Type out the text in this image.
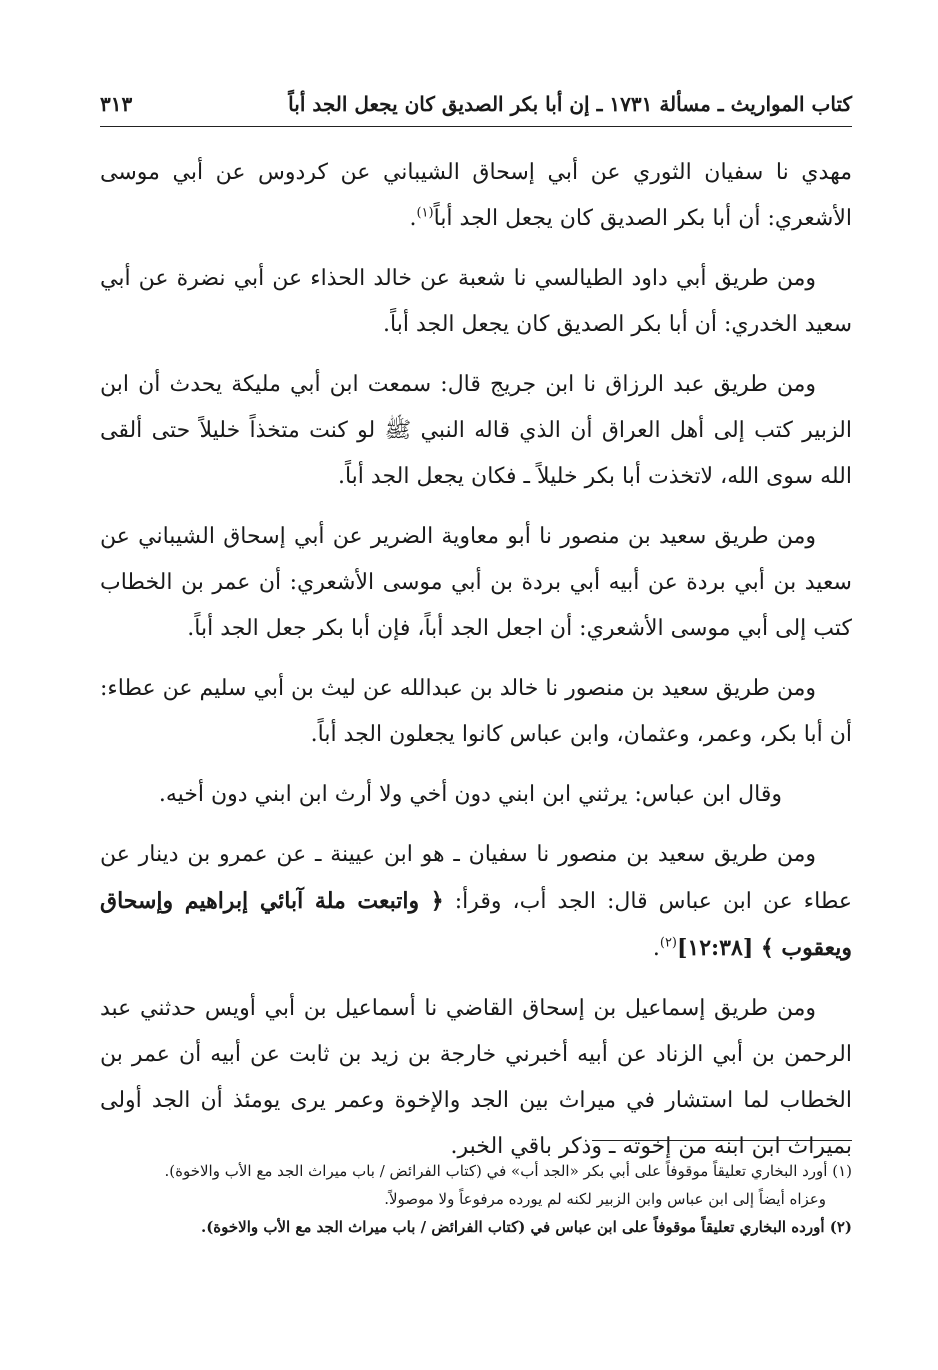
كتاب المواريث ـ مسألة ١٧٣١ ـ إن أبا بكر الصديق كان يجعل الجد أباً
٣١٣

مهدي نا سفيان الثوري عن أبي إسحاق الشيباني عن كردوس عن أبي موسى الأشعري: أن أبا بكر الصديق كان يجعل الجد أباً$^{(١)}$.

ومن طريق أبي داود الطيالسي نا شعبة عن خالد الحذاء عن أبي نضرة عن أبي سعيد الخدري: أن أبا بكر الصديق كان يجعل الجد أباً.

ومن طريق عبد الرزاق نا ابن جريج قال: سمعت ابن أبي مليكة يحدث أن ابن الزبير كتب إلى أهل العراق أن الذي قاله النبي ﷺ لو كنت متخذاً خليلاً حتى ألقى الله سوى الله، لاتخذت أبا بكر خليلاً ـ فكان يجعل الجد أباً.

ومن طريق سعيد بن منصور نا أبو معاوية الضرير عن أبي إسحاق الشيباني عن سعيد بن أبي بردة عن أبيه أبي بردة بن أبي موسى الأشعري: أن عمر بن الخطاب كتب إلى أبي موسى الأشعري: أن اجعل الجد أباً، فإن أبا بكر جعل الجد أباً.

ومن طريق سعيد بن منصور نا خالد بن عبدالله عن ليث بن أبي سليم عن عطاء: أن أبا بكر، وعمر، وعثمان، وابن عباس كانوا يجعلون الجد أباً.

وقال ابن عباس: يرثني ابن ابني دون أخي ولا أرث ابن ابني دون أخيه.

ومن طريق سعيد بن منصور نا سفيان ـ هو ابن عيينة ـ عن عمرو بن دينار عن عطاء عن ابن عباس قال: الجد أب، وقرأ: ﴿ واتبعت ملة آبائي إبراهيم وإسحاق ويعقوب ﴾ [١٢:٣٨]$^{(٢)}$.

ومن طريق إسماعيل بن إسحاق القاضي نا أسماعيل بن أبي أويس حدثني عبد الرحمن بن أبي الزناد عن أبيه أخبرني خارجة بن زيد بن ثابت عن أبيه أن عمر بن الخطاب لما استشار في ميراث بين الجد والإخوة وعمر يرى يومئذ أن الجد أولى بميراث ابن ابنه من إخوته ـ وذكر باقي الخبر.

(١) أورد البخاري تعليقاً موقوفاً على أبي بكر «الجد أب» في (كتاب الفرائض / باب ميراث الجد مع الأب والاخوة).

وعزاه أيضاً إلى ابن عباس وابن الزبير لكنه لم يورده مرفوعاً ولا موصولاً.

(٢) أورده البخاري تعليقاً موقوفاً على ابن عباس في (كتاب الفرائض / باب ميراث الجد مع الأب والاخوة).
